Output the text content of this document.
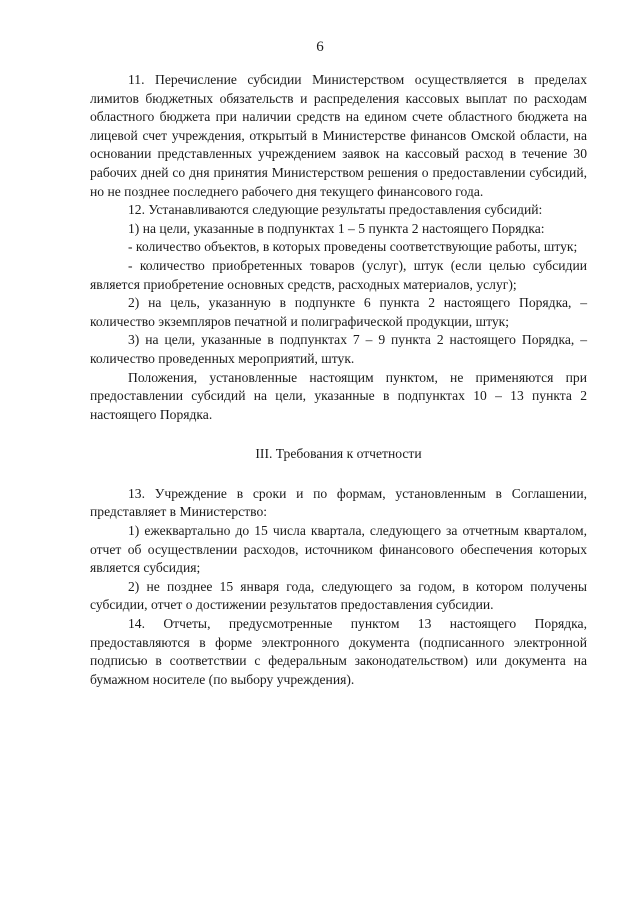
6

11. Перечисление субсидии Министерством осуществляется в пределах лимитов бюджетных обязательств и распределения кассовых выплат по расходам областного бюджета при наличии средств на едином счете областного бюджета на лицевой счет учреждения, открытый в Министерстве финансов Омской области, на основании представленных учреждением заявок на кассовый расход в течение 30 рабочих дней со дня принятия Министерством решения о предоставлении субсидий, но не позднее последнего рабочего дня текущего финансового года.

12. Устанавливаются следующие результаты предоставления субсидий:

1) на цели, указанные в подпунктах 1 – 5 пункта 2 настоящего Порядка:

- количество объектов, в которых проведены соответствующие работы, штук;

- количество приобретенных товаров (услуг), штук (если целью субсидии является приобретение основных средств, расходных материалов, услуг);

2) на цель, указанную в подпункте 6 пункта 2 настоящего Порядка, – количество экземпляров печатной и полиграфической продукции, штук;

3) на цели, указанные в подпунктах 7 – 9 пункта 2 настоящего Порядка, – количество проведенных мероприятий, штук.

Положения, установленные настоящим пунктом, не применяются при предоставлении субсидий на цели, указанные в подпунктах 10 – 13 пункта 2 настоящего Порядка.

III. Требования к отчетности

13. Учреждение в сроки и по формам, установленным в Соглашении, представляет в Министерство:

1) ежеквартально до 15 числа квартала, следующего за отчетным кварталом, отчет об осуществлении расходов, источником финансового обеспечения которых является субсидия;

2) не позднее 15 января года, следующего за годом, в котором получены субсидии, отчет о достижении результатов предоставления субсидии.

14. Отчеты, предусмотренные пунктом 13 настоящего Порядка, предоставляются в форме электронного документа (подписанного электронной подписью в соответствии с федеральным законодательством) или документа на бумажном носителе (по выбору учреждения).
